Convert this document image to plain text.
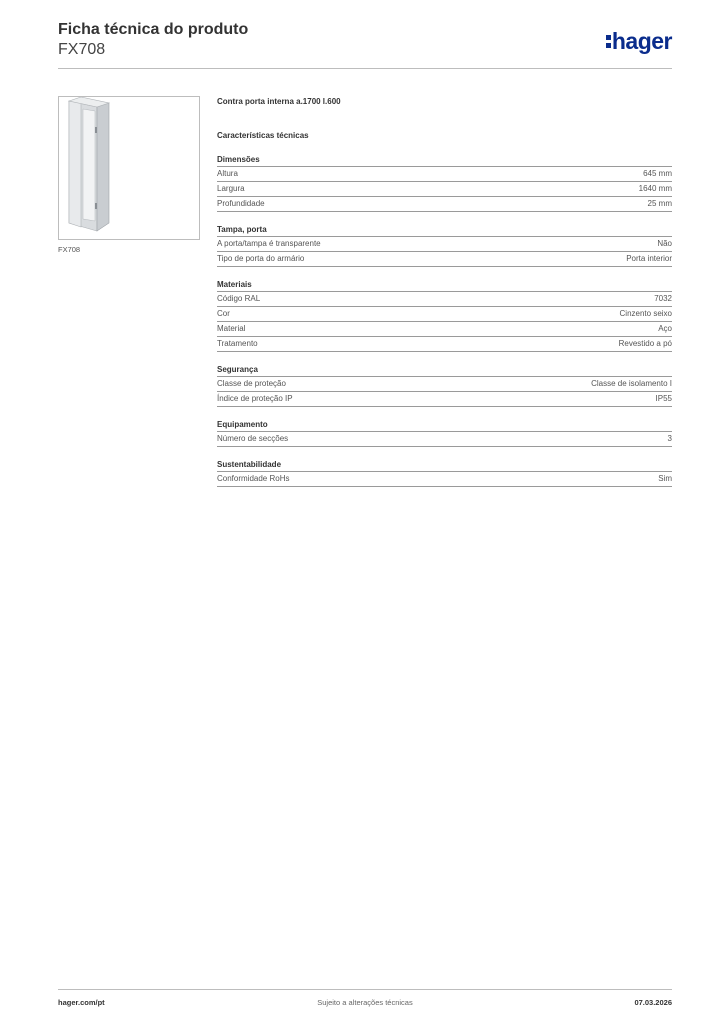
Ficha técnica do produto
FX708	hager
FX708
Contra porta interna a.1700 l.600
Características técnicas
Dimensões
Altura	645 mm
Largura	1640 mm
Profundidade	25 mm
Tampa, porta
A porta/tampa é transparente	Não
Tipo de porta do armário	Porta interior
Materiais
Código RAL	7032
Cor	Cinzento seixo
Material	Aço
Tratamento	Revestido a pó
Segurança
Classe de proteção	Classe de isolamento I
Índice de proteção IP	IP55
Equipamento
Número de secções	3
Sustentabilidade
Conformidade RoHs	Sim
hager.com/pt	Sujeito a alterações técnicas	07.03.2026
